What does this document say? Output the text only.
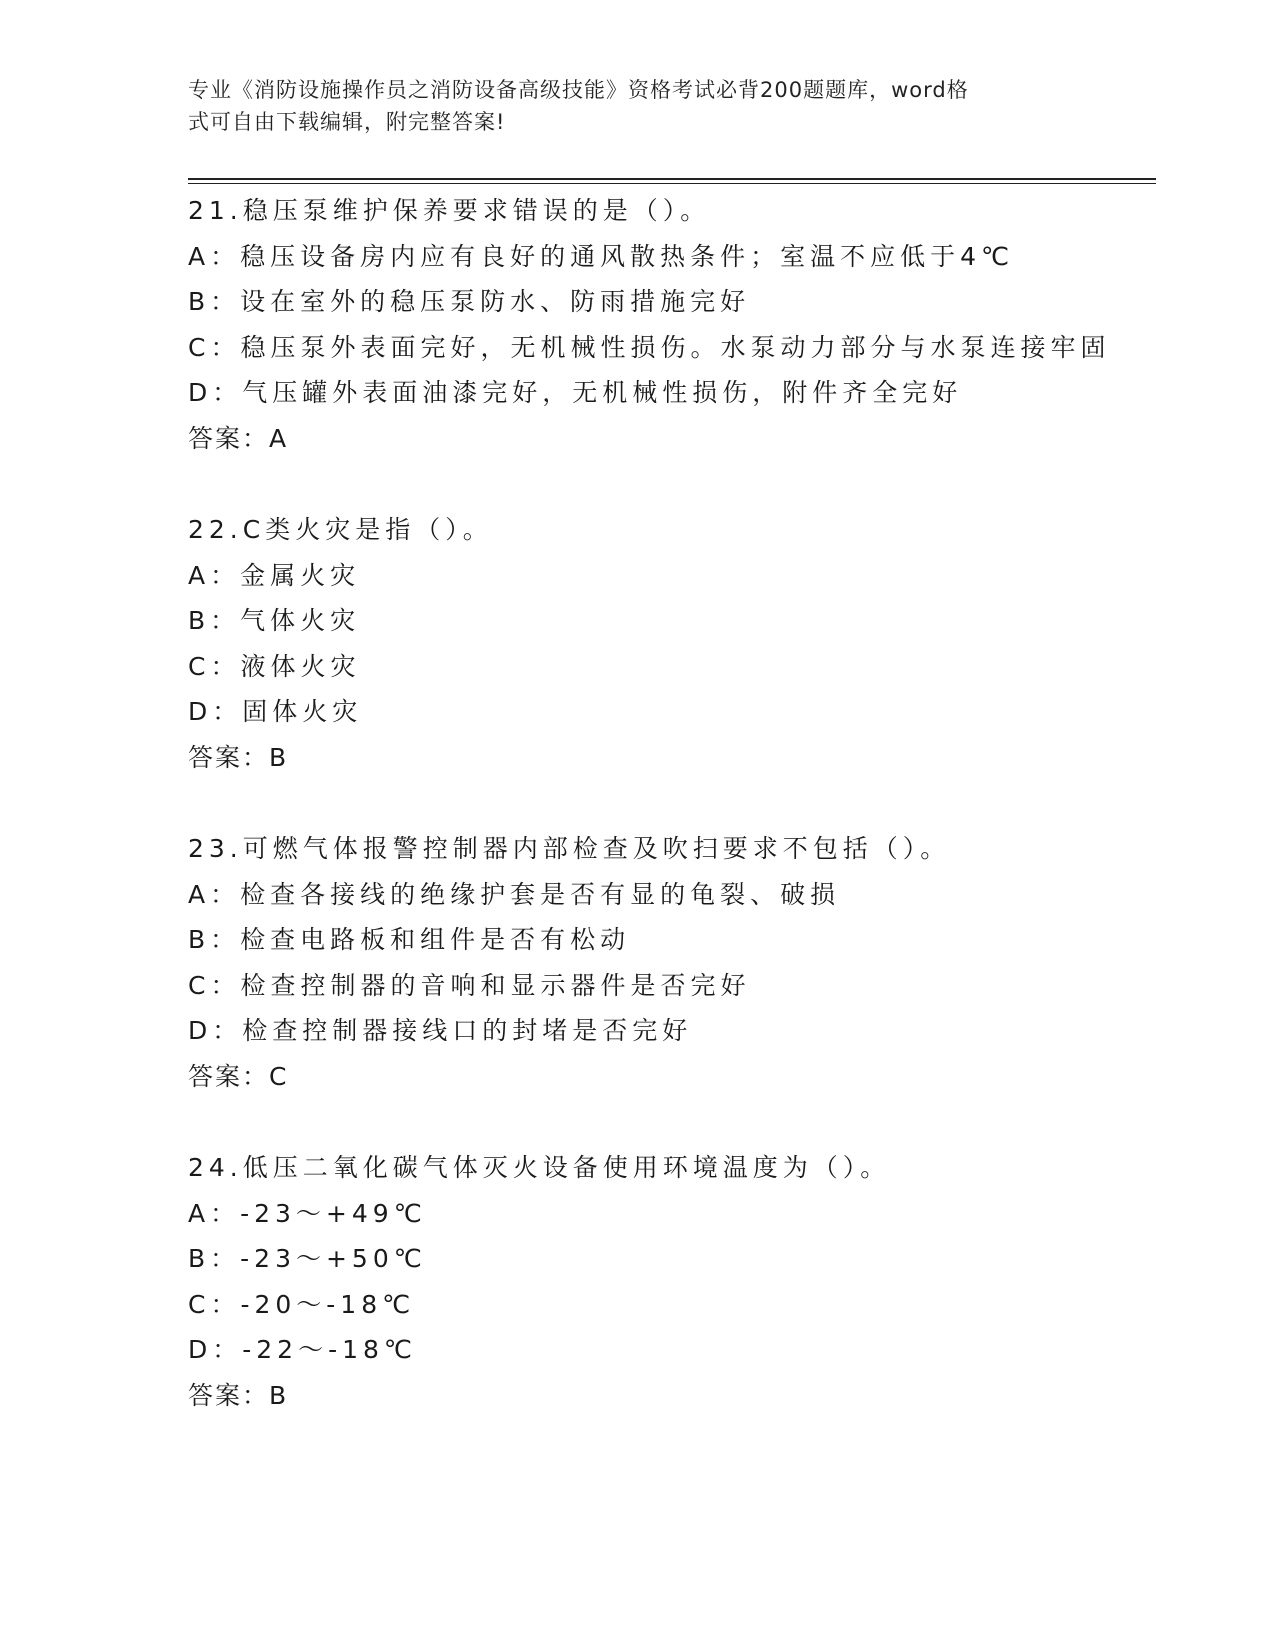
专业《消防设施操作员之消防设备高级技能》资格考试必背200题题库，word格
式可自由下载编辑，附完整答案!
21.稳压泵维护保养要求错误的是（）。
A：稳压设备房内应有良好的通风散热条件；室温不应低于4℃
B：设在室外的稳压泵防水、防雨措施完好
C：稳压泵外表面完好，无机械性损伤。水泵动力部分与水泵连接牢固
D：气压罐外表面油漆完好，无机械性损伤，附件齐全完好
答案：A
22.C类火灾是指（）。
A：金属火灾
B：气体火灾
C：液体火灾
D：固体火灾
答案：B
23.可燃气体报警控制器内部检查及吹扫要求不包括（）。
A：检查各接线的绝缘护套是否有显的龟裂、破损
B：检查电路板和组件是否有松动
C：检查控制器的音响和显示器件是否完好
D：检查控制器接线口的封堵是否完好
答案：C
24.低压二氧化碳气体灭火设备使用环境温度为（）。
A：-23～+49℃
B：-23～+50℃
C：-20～-18℃
D：-22～-18℃
答案：B
